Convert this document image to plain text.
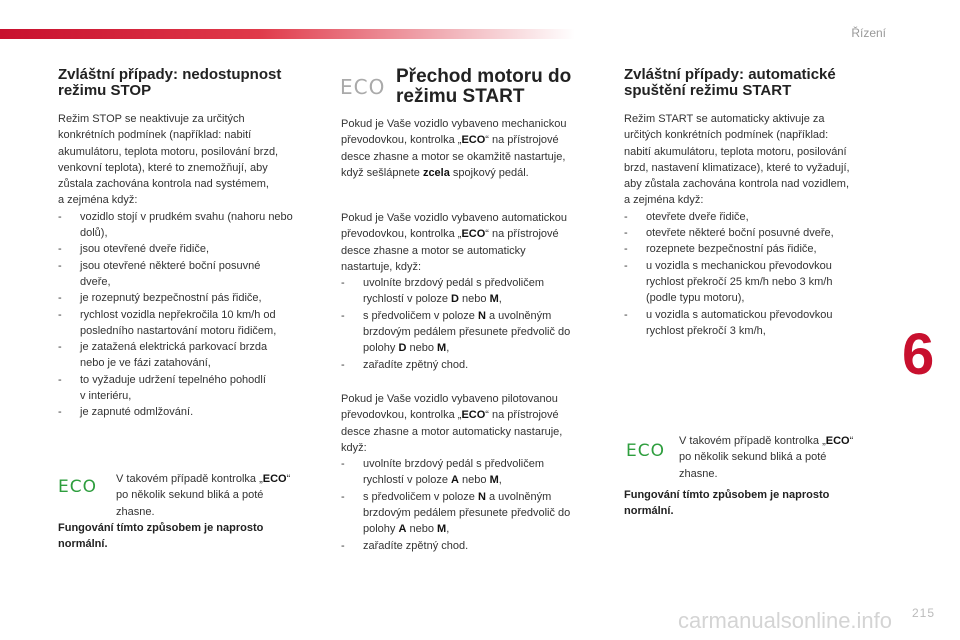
Řízení
6
215
carmanualsonline.info
Zvláštní případy: nedostupnost
režimu STOP

Režim STOP se neaktivuje za určitých
konkrétních podmínek (například: nabití
akumulátoru, teplota motoru, posilování brzd,
venkovní teplota), které to znemožňují, aby
zůstala zachována kontrola nad systémem,
a zejména když:

- vozidlo stojí v prudkém svahu (nahoru nebo
dolů),
- jsou otevřené dveře řidiče,
- jsou otevřené některé boční posuvné
dveře,
- je rozepnutý bezpečnostní pás řidiče,
- rychlost vozidla nepřekročila 10 km/h od
posledního nastartování motoru řidičem,
- je zatažená elektrická parkovací brzda
nebo je ve fázi zatahování,
- to vyžaduje udržení tepelného pohodlí
v interiéru,
- je zapnuté odmlžování.
ECO V takovém případě kontrolka „ECO“
po několik sekund bliká a poté
zhasne.
Fungování tímto způsobem je naprosto
normální.
ECO Přechod motoru do
režimu START
Pokud je Vaše vozidlo vybaveno mechanickou
převodovkou, kontrolka „ECO“ na přístrojové
desce zhasne a motor se okamžitě nastartuje,
když sešlápnete zcela spojkový pedál.
Pokud je Vaše vozidlo vybaveno automatickou
převodovkou, kontrolka „ECO“ na přístrojové
desce zhasne a motor se automaticky
nastartuje, když:
- uvolníte brzdový pedál s předvoličem
rychlostí v poloze D nebo M,
- s předvoličem v poloze N a uvolněným
brzdovým pedálem přesunete předvolič do
polohy D nebo M,
- zařadíte zpětný chod.
Pokud je Vaše vozidlo vybaveno pilotovanou
převodovkou, kontrolka „ECO“ na přístrojové
desce zhasne a motor automaticky nastaruje,
když:
- uvolníte brzdový pedál s předvoličem
rychlostí v poloze A nebo M,
- s předvoličem v poloze N a uvolněným
brzdovým pedálem přesunete předvolič do
polohy A nebo M,
- zařadíte zpětný chod.
Zvláštní případy: automatické
spuštění režimu START

Režim START se automaticky aktivuje za
určitých konkrétních podmínek (například:
nabití akumulátoru, teplota motoru, posilování
brzd, nastavení klimatizace), které to vyžadují,
aby zůstala zachována kontrola nad vozidlem,
a zejména když:

- otevřete dveře řidiče,
- otevřete některé boční posuvné dveře,
- rozepnete bezpečnostní pás řidiče,
- u vozidla s mechanickou převodovkou
rychlost překročí 25 km/h nebo 3 km/h
(podle typu motoru),
- u vozidla s automatickou převodovkou
rychlost překročí 3 km/h,
ECO V takovém případě kontrolka „ECO“
po několik sekund bliká a poté
zhasne.
Fungování tímto způsobem je naprosto
normální.
